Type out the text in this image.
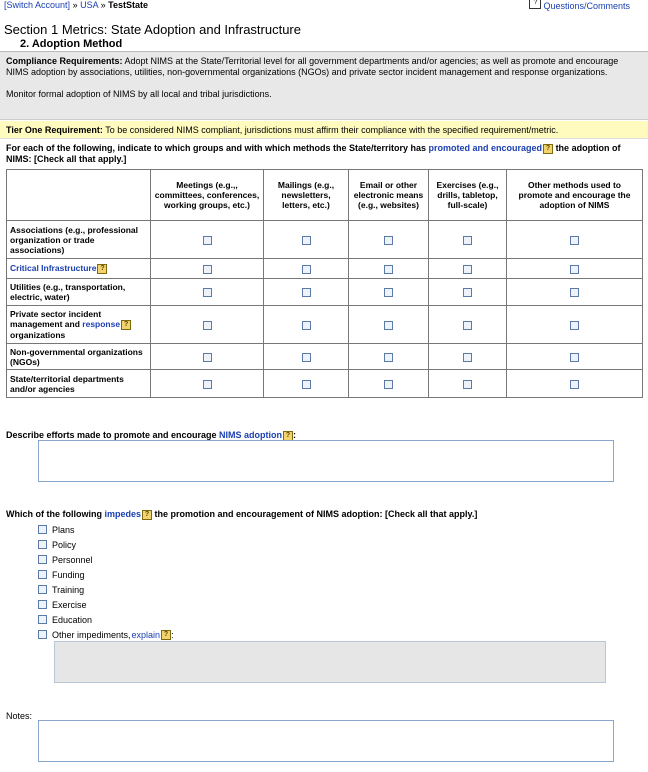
[Switch Account] » USA » TestState	? Questions/Comments
Section 1 Metrics: State Adoption and Infrastructure
2. Adoption Method

Compliance Requirements: Adopt NIMS at the State/Territorial level for all government departments and/or agencies; as well as promote and encourage NIMS adoption by associations, utilities, non-governmental organizations (NGOs) and private sector incident management and response organizations.

Monitor formal adoption of NIMS by all local and tribal jurisdictions.

Tier One Requirement: To be considered NIMS compliant, jurisdictions must affirm their compliance with the specified requirement/metric.
For each of the following, indicate to which groups and with which methods the State/territory has promoted and encouraged ? the adoption of NIMS: [Check all that apply.]
	Meetings (e.g.,, committees, conferences, working groups, etc.)	Mailings (e.g., newsletters, letters, etc.)	Email or other electronic means (e.g., websites)	Exercises (e.g., drills, tabletop, full-scale)	Other methods used to promote and encourage the adoption of NIMS
Associations (e.g., professional organization or trade associations)					
Critical Infrastructure ?					
Utilities (e.g., transportation, electric, water)					
Private sector incident management and response ? organizations					
Non-governmental organizations (NGOs)					
State/territorial departments and/or agencies					
Describe efforts made to promote and encourage NIMS adoption ? :
Which of the following impedes ? the promotion and encouragement of NIMS adoption: [Check all that apply.]
Plans
Policy
Personnel
Funding
Training
Exercise
Education
Other impediments, explain ? :
Notes:
